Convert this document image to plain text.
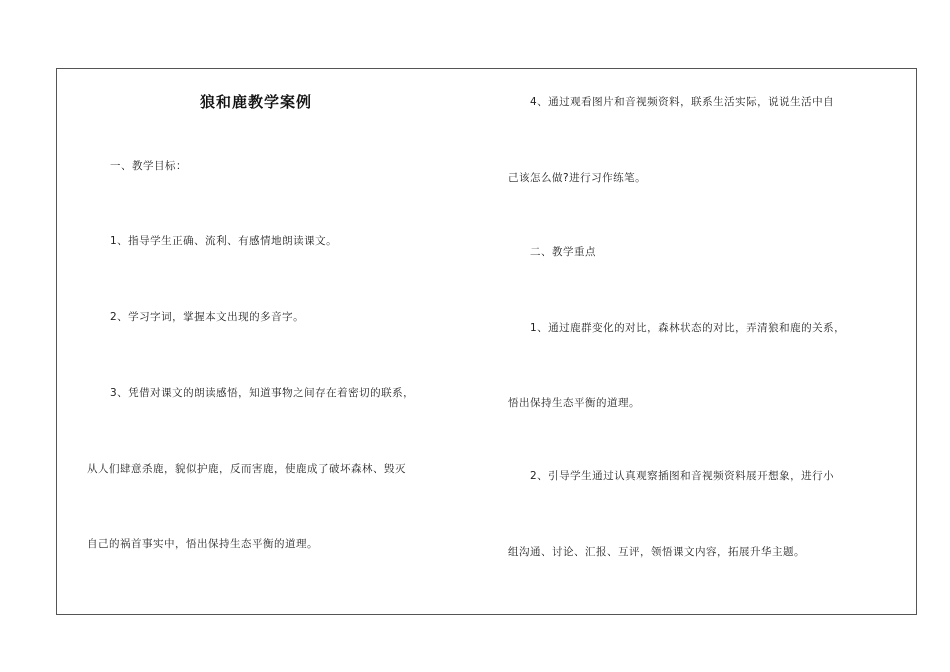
狼和鹿教学案例
一、教学目标：
1、指导学生正确、流利、有感情地朗读课文。
2、学习字词，掌握本文出现的多音字。
3、凭借对课文的朗读感悟，知道事物之间存在着密切的联系，
从人们肆意杀鹿，貌似护鹿，反而害鹿，使鹿成了破坏森林、毁灭
自己的祸首事实中，悟出保持生态平衡的道理。
4、通过观看图片和音视频资料，联系生活实际，说说生活中自
己该怎么做?进行习作练笔。
二、教学重点
1、通过鹿群变化的对比，森林状态的对比，弄清狼和鹿的关系，
悟出保持生态平衡的道理。
2、引导学生通过认真观察插图和音视频资料展开想象，进行小
组沟通、讨论、汇报、互评，领悟课文内容，拓展升华主题。
